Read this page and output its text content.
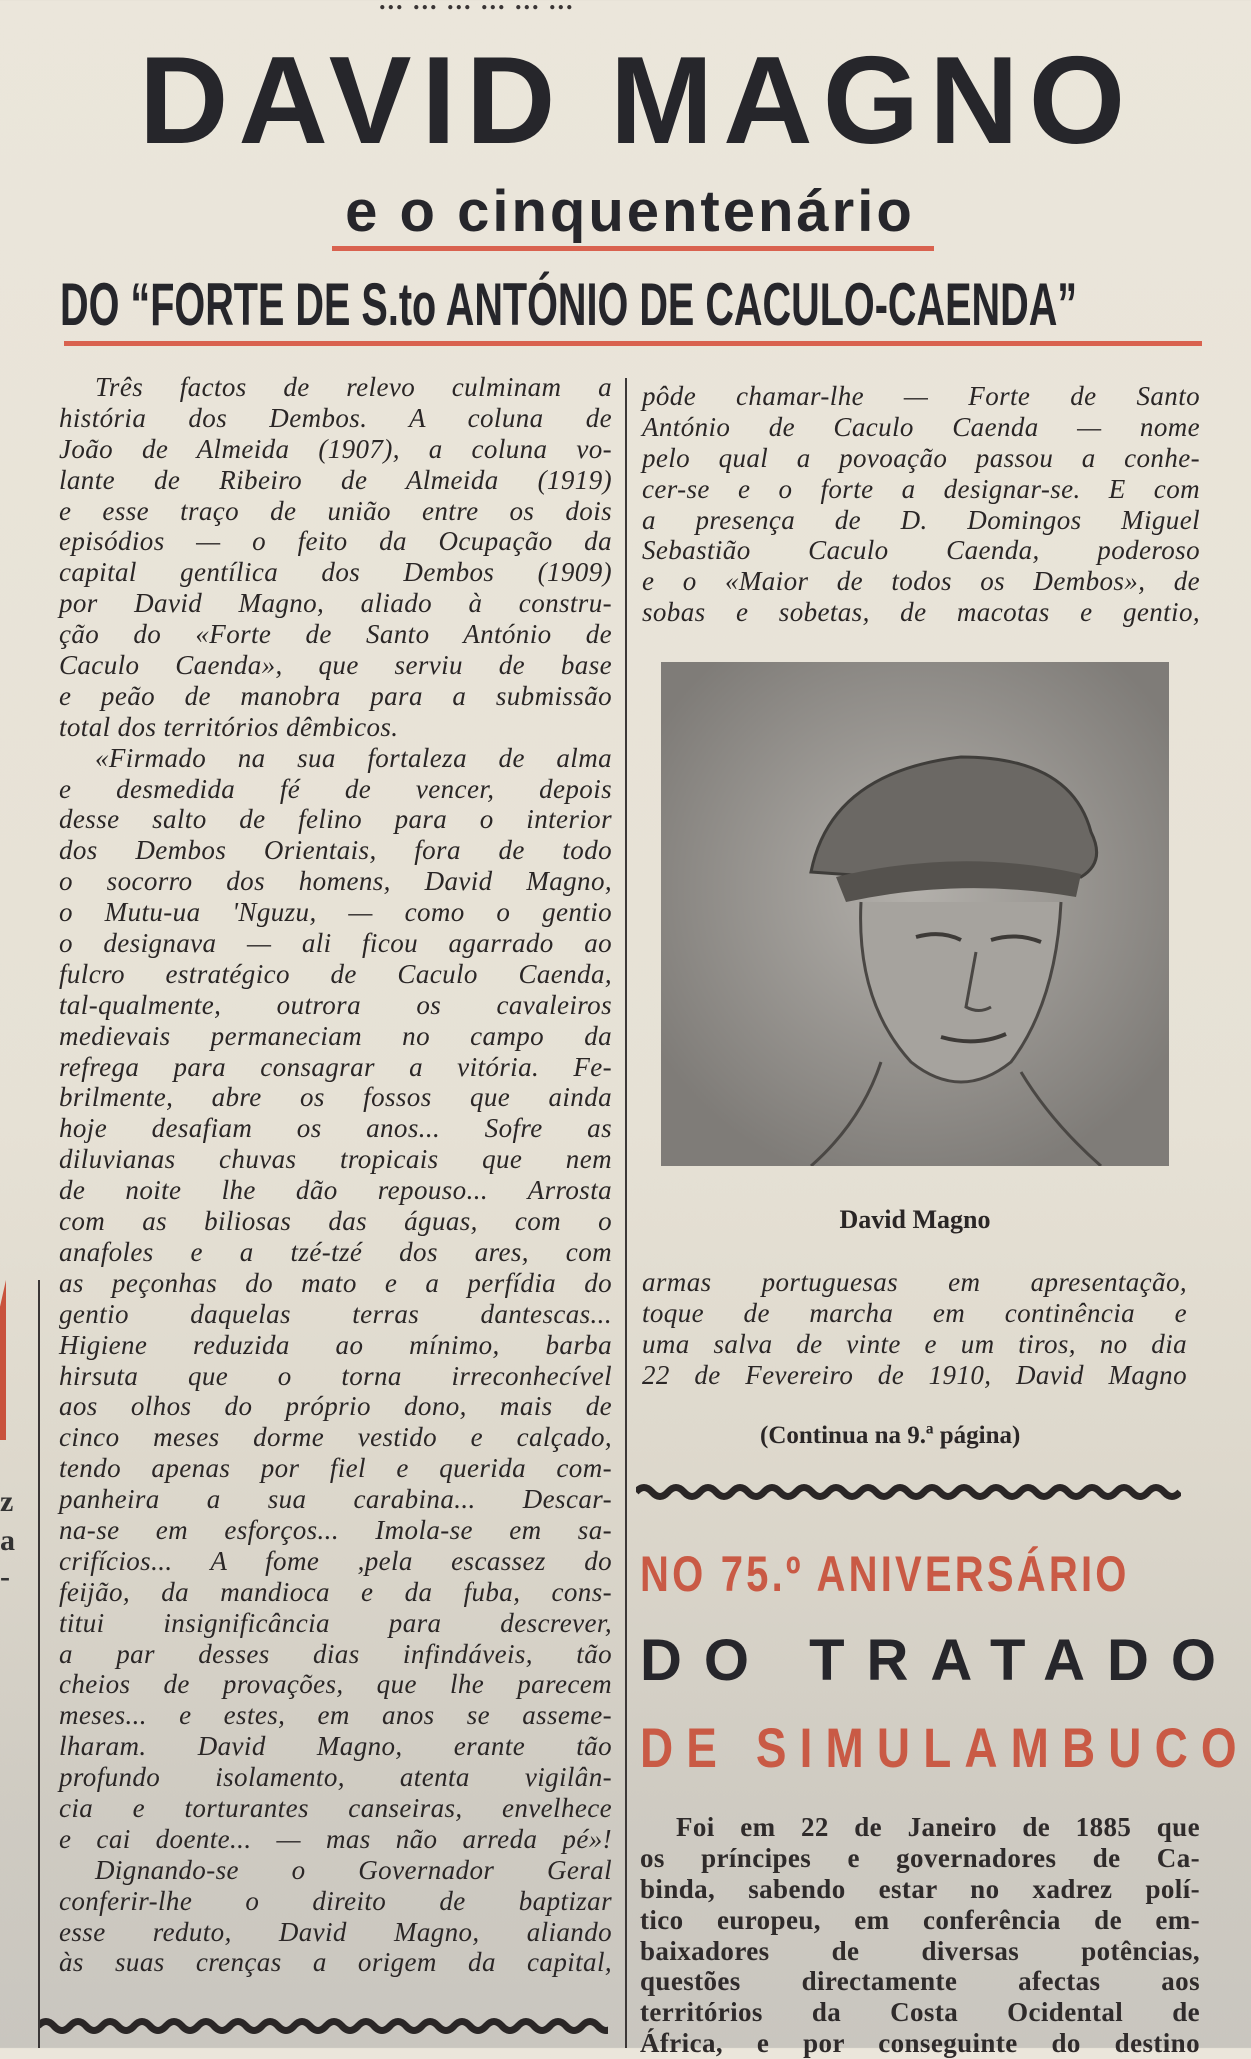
... ... ... ... ... ...
DAVID MAGNO
e o cinquentenário
DO “FORTE DE S.to ANTÓNIO DE CACULO-CAENDA”
Três factos de relevo culminam a
história dos Dembos. A coluna de
João de Almeida (1907), a coluna vo-
lante de Ribeiro de Almeida (1919)
e esse traço de união entre os dois
episódios — o feito da Ocupação da
capital gentílica dos Dembos (1909)
por David Magno, aliado à constru-
ção do «Forte de Santo António de
Caculo Caenda», que serviu de base
e peão de manobra para a submissão
total dos territórios dêmbicos.
«Firmado na sua fortaleza de alma
e desmedida fé de vencer, depois
desse salto de felino para o interior
dos Dembos Orientais, fora de todo
o socorro dos homens, David Magno,
o Mutu-ua 'Nguzu, — como o gentio
o designava — ali ficou agarrado ao
fulcro estratégico de Caculo Caenda,
tal-qualmente, outrora os cavaleiros
medievais permaneciam no campo da
refrega para consagrar a vitória. Fe-
brilmente, abre os fossos que ainda
hoje desafiam os anos... Sofre as
diluvianas chuvas tropicais que nem
de noite lhe dão repouso... Arrosta
com as biliosas das águas, com o
anafoles e a tzé-tzé dos ares, com
as peçonhas do mato e a perfídia do
gentio daquelas terras dantescas...
Higiene reduzida ao mínimo, barba
hirsuta que o torna irreconhecível
aos olhos do próprio dono, mais de
cinco meses dorme vestido e calçado,
tendo apenas por fiel e querida com-
panheira a sua carabina... Descar-
na-se em esforços... Imola-se em sa-
crifícios... A fome ,pela escassez do
feijão, da mandioca e da fuba, cons-
titui insignificância para descrever,
a par desses dias infindáveis, tão
cheios de provações, que lhe parecem
meses... e estes, em anos se asseme-
lharam. David Magno, erante tão
profundo isolamento, atenta vigilân-
cia e torturantes canseiras, envelhece
e cai doente... — mas não arreda pé»!
Dignando-se o Governador Geral
conferir-lhe o direito de baptizar
esse reduto, David Magno, aliando
às suas crenças a origem da capital,
pôde chamar-lhe — Forte de Santo
António de Caculo Caenda — nome
pelo qual a povoação passou a conhe-
cer-se e o forte a designar-se. E com
a presença de D. Domingos Miguel
Sebastião Caculo Caenda, poderoso
e o «Maior de todos os Dembos», de
sobas e sobetas, de macotas e gentio,
David Magno
armas portuguesas em apresentação,
toque de marcha em continência e
uma salva de vinte e um tiros, no dia
22 de Fevereiro de 1910, David Magno
(Continua na 9.ª página)
NO 75.º ANIVERSÁRIO
DO TRATADO
DE SIMULAMBUCO
Foi em 22 de Janeiro de 1885 que
os príncipes e governadores de Ca-
binda, sabendo estar no xadrez polí-
tico europeu, em conferência de em-
baixadores de diversas potências,
questões directamente afectas aos
territórios da Costa Ocidental de
África, e por conseguinte do destino
z
a
-
